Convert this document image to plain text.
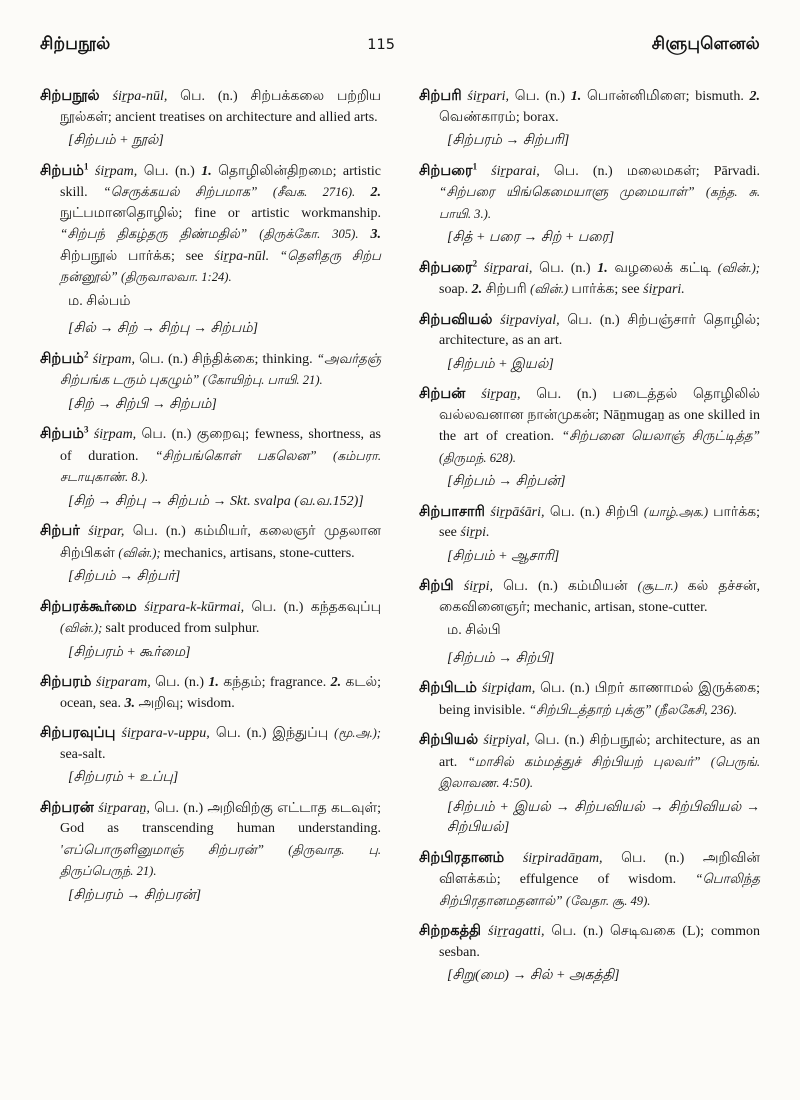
சிற்பநூல்	115	சிளுபுளெனல்
சிற்பநூல் śiṟpa-nūl, பெ. (n.) சிற்பக்கலை பற்றிய நூல்கள்; ancient treatises on architecture and allied arts.
[சிற்பம் + நூல்]
சிற்பம்$^1$ śiṟpam, பெ. (n.) 1. தொழிலின்திறமை; artistic skill. “செருக்கயல் சிற்பமாக” (சீவக. 2716). 2. நுட்பமானதொழில்; fine or artistic workmanship. “சிற்பந் திகழ்தரு திண்மதில்” (திருக்கோ. 305). 3. சிற்பநூல் பார்க்க; see śiṟpa-nūl. “தெளிதரு சிற்ப நன்னூல்” (திருவாலவா. 1:24).
ம. சில்பம்
[சில் → சிற் → சிற்பு → சிற்பம்]
சிற்பம்$^2$ śiṟpam, பெ. (n.) சிந்திக்கை; thinking. “அவர்தஞ் சிற்பங்க டரும் புகழும்” (கோயிற்பு. பாயி. 21).
[சிற் → சிற்பி → சிற்பம்]
சிற்பம்$^3$ śiṟpam, பெ. (n.) குறைவு; fewness, shortness, as of duration. “சிற்பங்கொள் பகலென” (கம்பரா. சடாயுகாண். 8.).
[சிற் → சிற்பு → சிற்பம் → Skt. svalpa (வ.வ.152)]
சிற்பர் śiṟpar, பெ. (n.) கம்மியர், கலைஞர் முதலான சிற்பிகள் (வின்.); mechanics, artisans, stone-cutters.
[சிற்பம் → சிற்பர்]
சிற்பரக்கூர்மை śiṟpara-k-kūrmai, பெ. (n.) கந்தகவுப்பு (வின்.); salt produced from sulphur.
[சிற்பரம் + கூர்மை]
சிற்பரம் śiṟparam, பெ. (n.) 1. கந்தம்; fragrance. 2. கடல்; ocean, sea. 3. அறிவு; wisdom.
சிற்பரவுப்பு śiṟpara-v-uppu, பெ. (n.) இந்துப்பு (மூ.அ.); sea-salt.
[சிற்பரம் + உப்பு]
சிற்பரன் śiṟparaṉ, பெ. (n.) அறிவிற்கு எட்டாத கடவுள்; God as transcending human understanding. 'எப்பொருளினுமாஞ் சிற்பரன்” (திருவாத. பு. திருப்பெருந். 21).
[சிற்பரம் → சிற்பரன்]
சிற்பரி śiṟpari, பெ. (n.) 1. பொன்னிமிளை; bismuth. 2. வெண்காரம்; borax.
[சிற்பரம் → சிற்பரி]
சிற்பரை$^1$ śiṟparai, பெ. (n.) மலைமகள்; Pārvadi. “சிற்பரை யிங்கெமையாளு முமையாள்” (கந்த. சு. பாயி. 3.).
[சித் + பரை → சிற் + பரை]
சிற்பரை$^2$ śiṟparai, பெ. (n.) 1. வழலைக் கட்டி (வின்.); soap. 2. சிற்பரி (வின்.) பார்க்க; see śiṟpari.
சிற்பவியல் śiṟpaviyal, பெ. (n.) சிற்பஞ்சார் தொழில்; architecture, as an art.
[சிற்பம் + இயல்]
சிற்பன் śiṟpaṉ, பெ. (n.) படைத்தல் தொழிலில் வல்லவனான நான்முகன்; Nāṉmugaṉ as one skilled in the art of creation. “சிற்பனை யெலாஞ் சிருட்டித்த” (திருமந். 628).
[சிற்பம் → சிற்பன்]
சிற்பாசாரி śiṟpāśāri, பெ. (n.) சிற்பி (யாழ்.அக.) பார்க்க; see śiṟpi.
[சிற்பம் + ஆசாரி]
சிற்பி śiṟpi, பெ. (n.) கம்மியன் (சூடா.) கல் தச்சன், கைவினைஞர்; mechanic, artisan, stone-cutter.
ம. சில்பி
[சிற்பம் → சிற்பி]
சிற்பிடம் śiṟpiḍam, பெ. (n.) பிறர் காணாமல் இருக்கை; being invisible. “சிற்பிடத்தாற் புக்கு” (நீலகேசி, 236).
சிற்பியல் śiṟpiyal, பெ. (n.) சிற்பநூல்; architecture, as an art. “மாசில் கம்மத்துச் சிற்பியற் புலவர்” (பெருங். இலாவண. 4:50).
[சிற்பம் + இயல் → சிற்பவியல் → சிற்பிவியல் → சிற்பியல்]
சிற்பிரதானம் śiṟpiradāṉam, பெ. (n.) அறிவின் விளக்கம்; effulgence of wisdom. “பொலிந்த சிற்பிரதானமதனால்” (வேதா. சூ. 49).
சிற்றகத்தி śiṟṟagatti, பெ. (n.) செடிவகை (L); common sesban.
[சிறு(மை) → சில் + அகத்தி]
